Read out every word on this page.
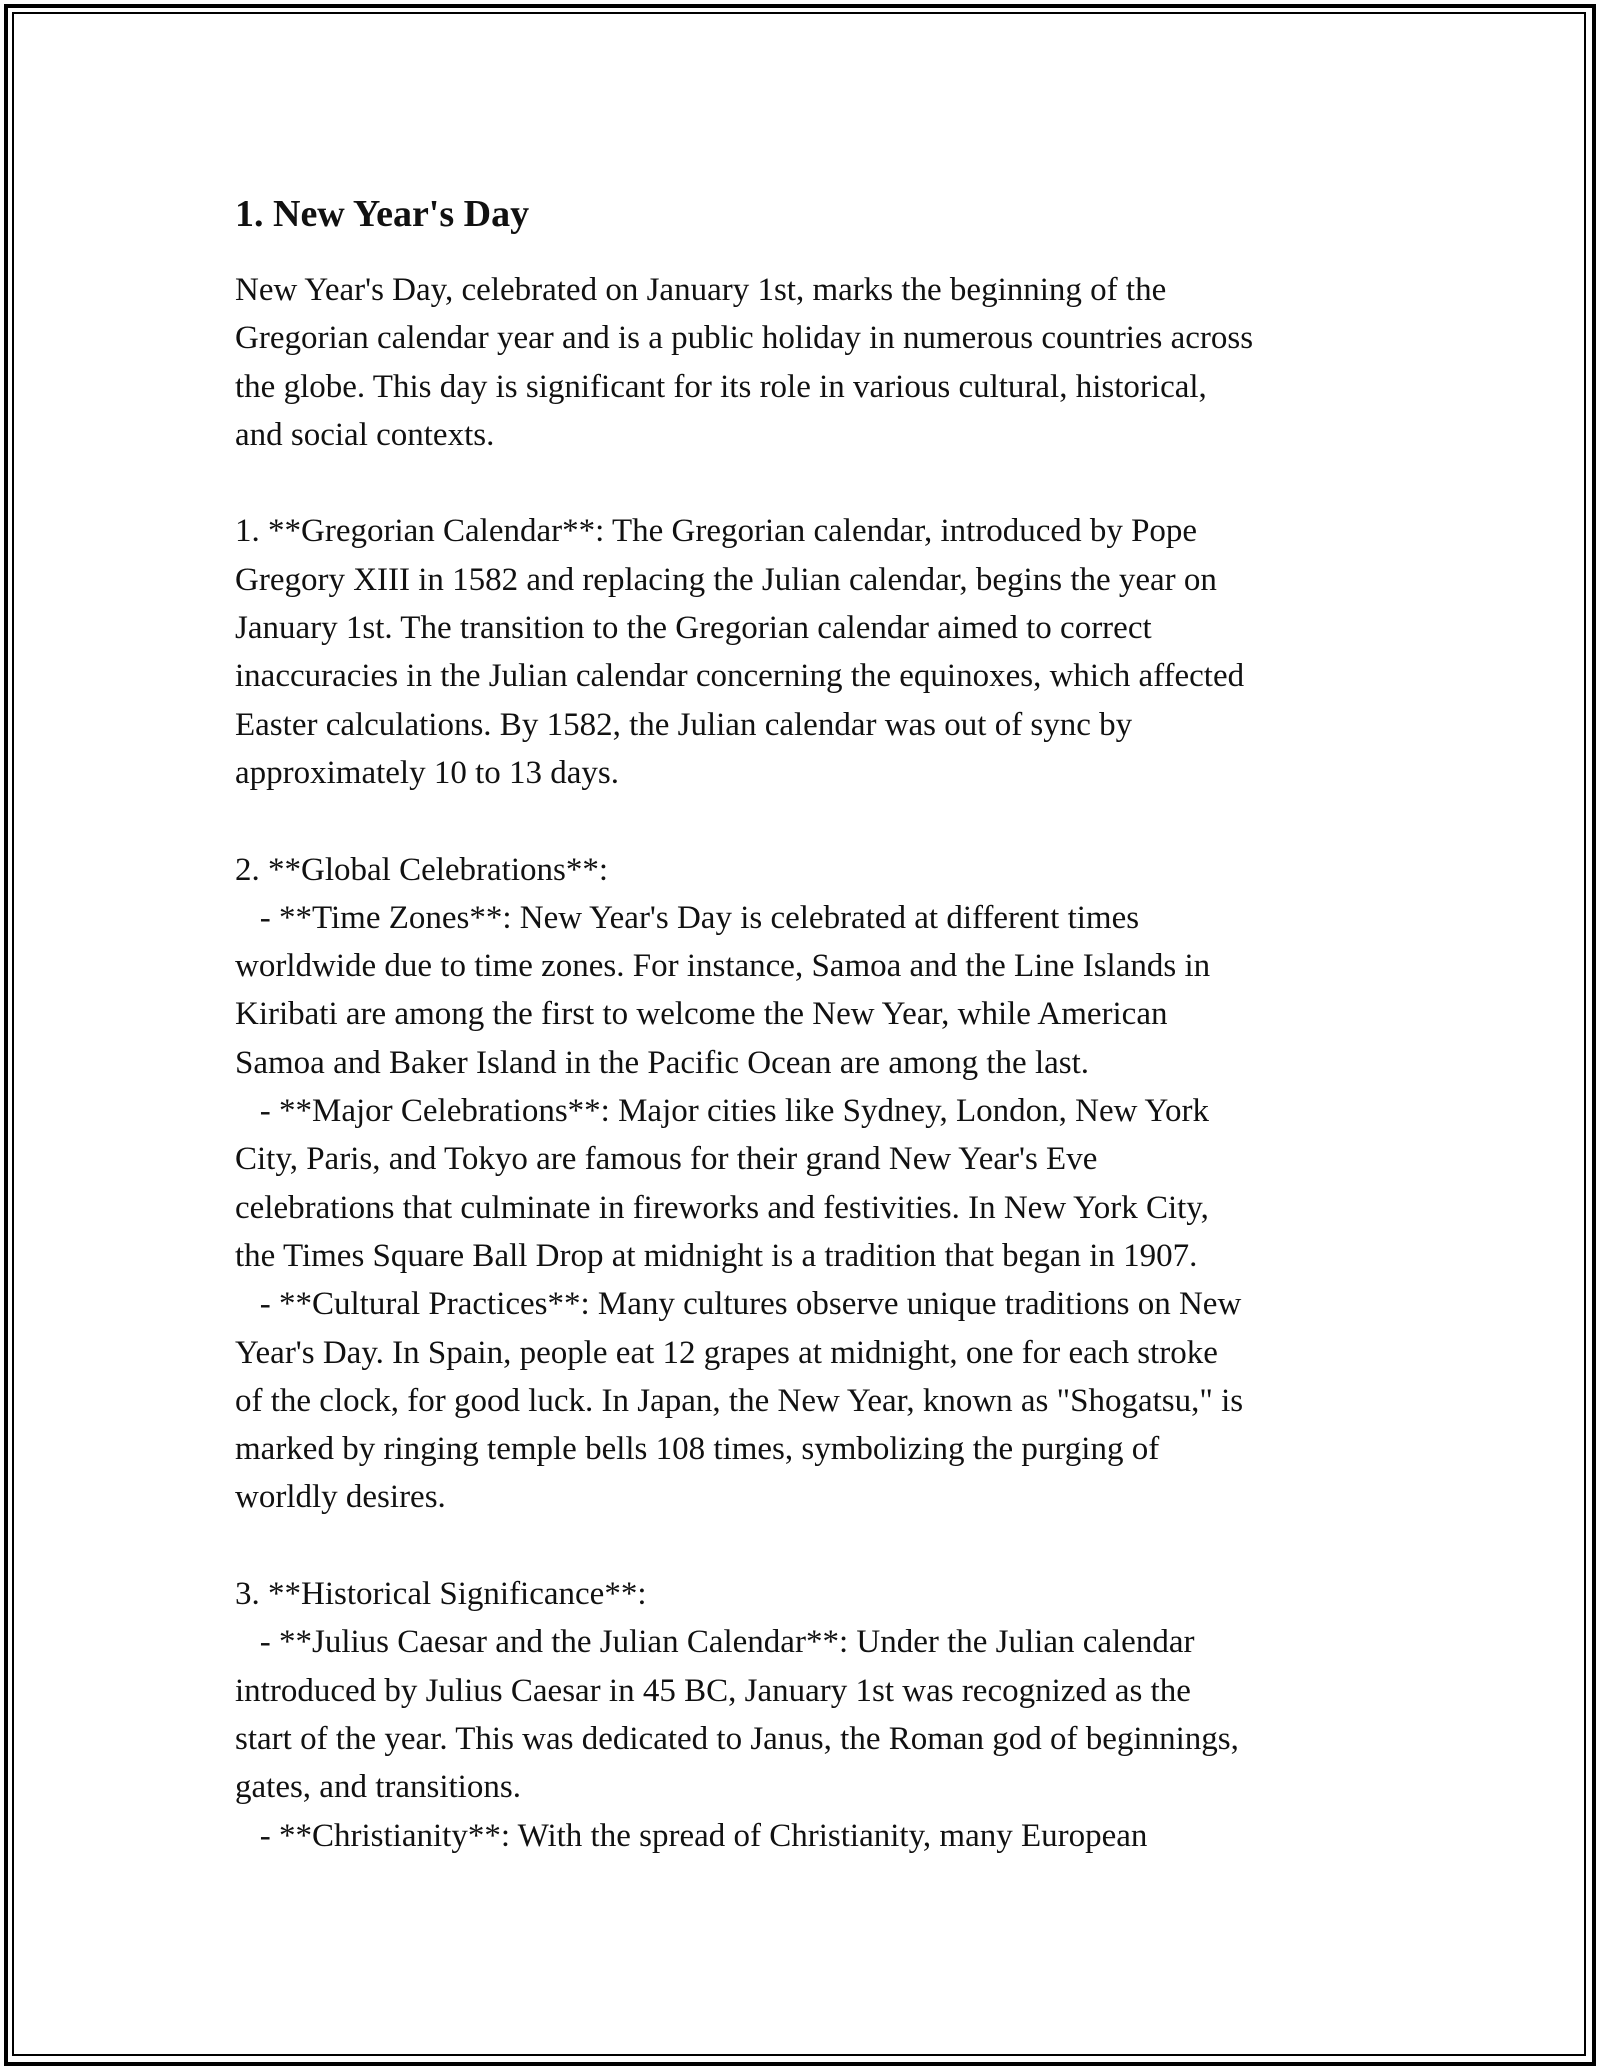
1. New Year's Day
New Year's Day, celebrated on January 1st, marks the beginning of the
Gregorian calendar year and is a public holiday in numerous countries across
the globe. This day is significant for its role in various cultural, historical,
and social contexts.

1. **Gregorian Calendar**: The Gregorian calendar, introduced by Pope
Gregory XIII in 1582 and replacing the Julian calendar, begins the year on
January 1st. The transition to the Gregorian calendar aimed to correct
inaccuracies in the Julian calendar concerning the equinoxes, which affected
Easter calculations. By 1582, the Julian calendar was out of sync by
approximately 10 to 13 days.

2. **Global Celebrations**:
- **Time Zones**: New Year's Day is celebrated at different times
worldwide due to time zones. For instance, Samoa and the Line Islands in
Kiribati are among the first to welcome the New Year, while American
Samoa and Baker Island in the Pacific Ocean are among the last.
- **Major Celebrations**: Major cities like Sydney, London, New York
City, Paris, and Tokyo are famous for their grand New Year's Eve
celebrations that culminate in fireworks and festivities. In New York City,
the Times Square Ball Drop at midnight is a tradition that began in 1907.
- **Cultural Practices**: Many cultures observe unique traditions on New
Year's Day. In Spain, people eat 12 grapes at midnight, one for each stroke
of the clock, for good luck. In Japan, the New Year, known as "Shogatsu," is
marked by ringing temple bells 108 times, symbolizing the purging of
worldly desires.

3. **Historical Significance**:
- **Julius Caesar and the Julian Calendar**: Under the Julian calendar
introduced by Julius Caesar in 45 BC, January 1st was recognized as the
start of the year. This was dedicated to Janus, the Roman god of beginnings,
gates, and transitions.
- **Christianity**: With the spread of Christianity, many European
